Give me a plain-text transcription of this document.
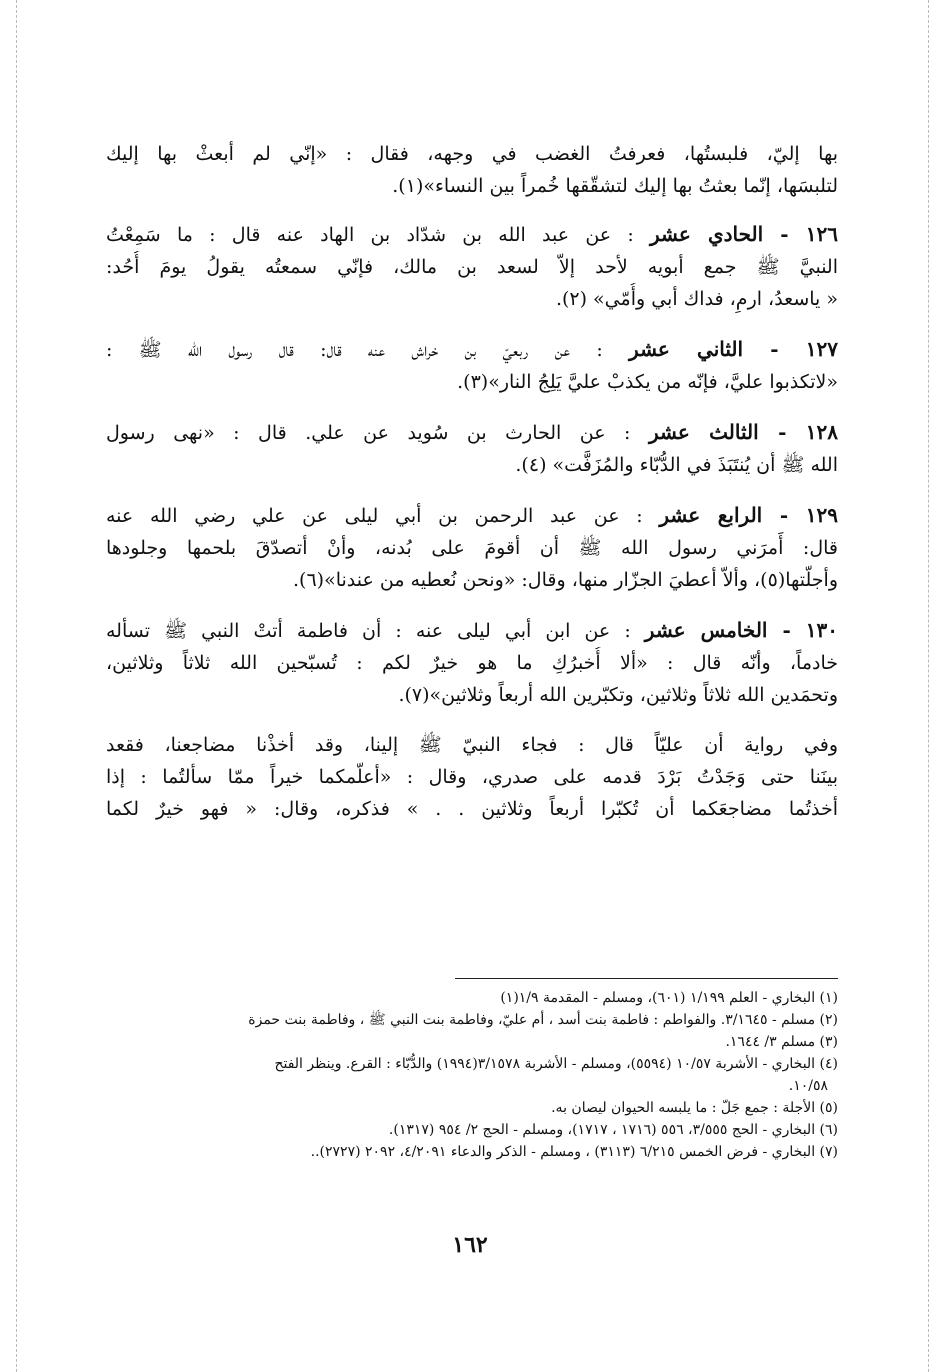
بها إليّ، فلبستُها، فعرفتُ الغضب في وجهه، فقال : «إنّي لم أبعثْ بها إليك
لتلبسَها، إنّما بعثتُ بها إليك لتشقّقها خُمراً بين النساء»(١).
١٢٦ - الحادي عشر : عن عبد الله بن شدّاد بن الهاد عنه قال : ما سَمِعْتُ
النبيَّ ﷺ جمع أبويه لأحد إلاّ لسعد بن مالك، فإنّي سمعتُه يقولُ يومَ أُحُد:
« ياسعدُ، ارمِ، فداك أبي وأُمّي» (٢).
١٢٧ - الثاني عشر : عن ربعيّ بن خراش عنه قال: قال رسول الله ﷺ :
«لاتكذبوا عليَّ، فإنّه من يكذبْ عليَّ يَلِجُ النار»(٣).
١٢٨ - الثالث عشر : عن الحارث بن سُويد عن علي. قال : «نهى رسول
الله ﷺ أن يُنتَبَذَ في الدُّبّاء والمُزَفَّت» (٤).
١٢٩ - الرابع عشر : عن عبد الرحمن بن أبي ليلى عن علي رضي الله عنه
قال: أَمرَني رسول الله ﷺ أن أقومَ على بُدنه، وأنْ أتصدّقَ بلحمها وجلودها
وأجلّتها(٥)، وألاّ أعطيَ الجزّار منها، وقال: «ونحن نُعطيه من عندنا»(٦).
١٣٠ - الخامس عشر : عن ابن أبي ليلى عنه : أن فاطمة أتتْ النبي ﷺ تسأله
خادماً، وأنّه قال : «ألا أُخبرُكِ ما هو خيرٌ لكم : تُسبّحين الله ثلاثاً وثلاثين،
وتحمَدين الله ثلاثاً وثلاثين، وتكبّرين الله أربعاً وثلاثين»(٧).
وفي رواية أن عليّاً قال : فجاء النبيّ ﷺ إلينا، وقد أخذْنا مضاجعنا، فقعد
بينَنا حتى وَجَدْتُ بَرْدَ قدمه على صدري، وقال : «أعلّمكما خيراً ممّا سألتُما : إذا
أخذتُما مضاجعَكما أن تُكبّرا أربعاً وثلاثين . . » فذكره، وقال: « فهو خيرٌ لكما
(١) البخاري - العلم ١/١٩٩ (٦٠١)، ومسلم - المقدمة ١/٩(١)
(٢) مسلم - ٣/١٦٤٥. والفواطم : فاطمة بنت أسد ، أم عليّ، وفاطمة بنت النبي ﷺ ، وفاطمة بنت حمزة
(٣) مسلم ٣/ ١٦٤٤.
(٤) البخاري - الأشربة ١٠/٥٧ (٥٥٩٤)، ومسلم - الأشربة ٣/١٥٧٨(١٩٩٤) والدُّبّاء : القرع. وينظر الفتح
١٠/٥٨.
(٥) الأجلة : جمع جَلّ : ما يلبسه الحيوان ليصان به.
(٦) البخاري - الحج ٣/٥٥٥، ٥٥٦ (١٧١٦ ، ١٧١٧)، ومسلم - الحج ٢/ ٩٥٤ (١٣١٧).
(٧) البخاري - فرض الخمس ٦/٢١٥ (٣١١٣) ، ومسلم - الذكر والدعاء ٤/٢٠٩١، ٢٠٩٢ (٢٧٢٧)..
١٦٢
